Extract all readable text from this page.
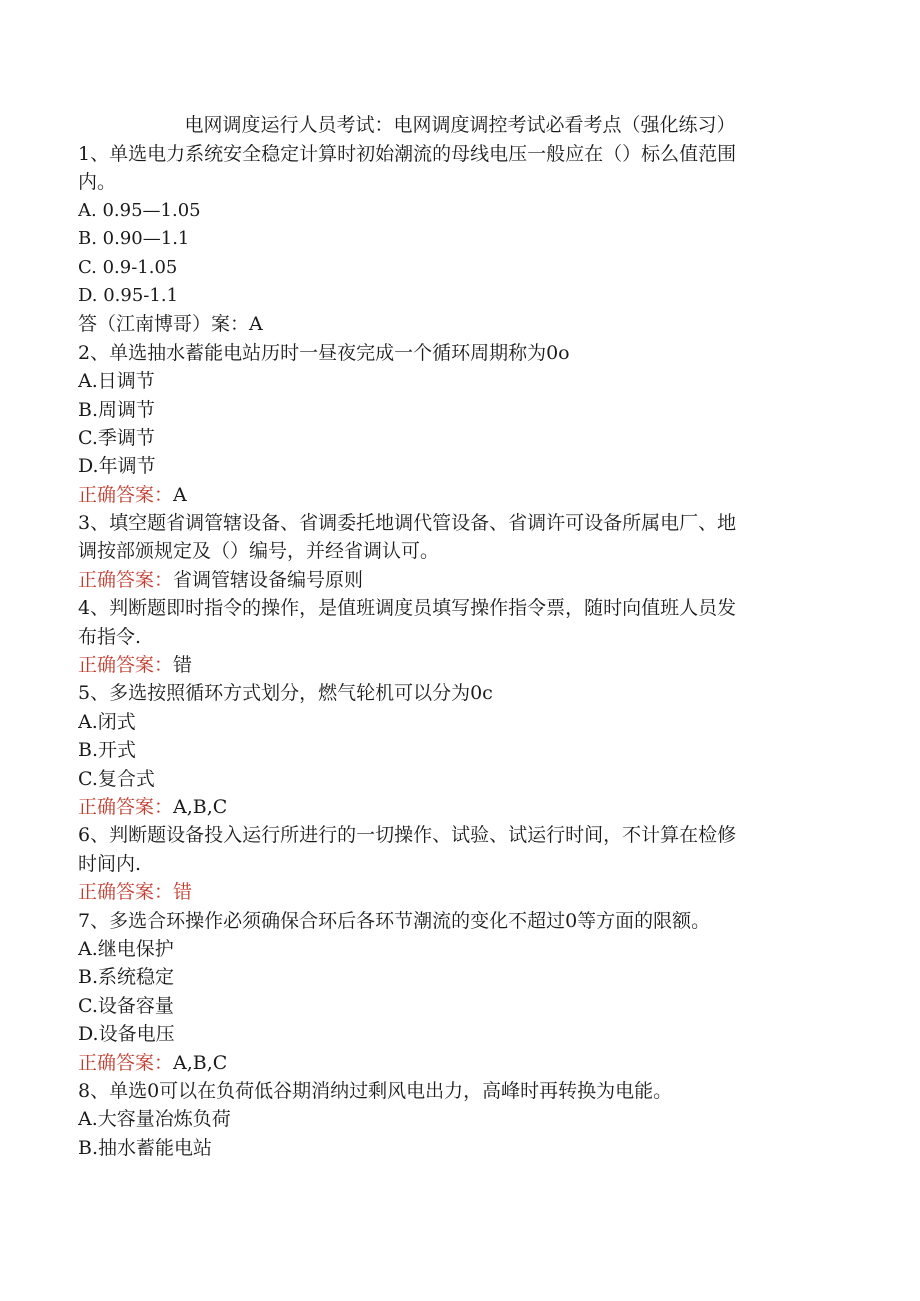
电网调度运行人员考试：电网调度调控考试必看考点（强化练习）
1、单选电力系统安全稳定计算时初始潮流的母线电压一般应在（）标么值范围
内。
A. 0.95—1.05
B. 0.90—1.1
C. 0.9-1.05
D. 0.95-1.1
答（江南博哥）案：A
2、单选抽水蓄能电站历时一昼夜完成一个循环周期称为0o
A.日调节
B.周调节
C.季调节
D.年调节
正确答案：A
3、填空题省调管辖设备、省调委托地调代管设备、省调许可设备所属电厂、地
调按部颁规定及（）编号，并经省调认可。
正确答案：省调管辖设备编号原则
4、判断题即时指令的操作，是值班调度员填写操作指令票，随时向值班人员发
布指令.
正确答案：错
5、多选按照循环方式划分，燃气轮机可以分为0c
A.闭式
B.开式
C.复合式
正确答案：A,B,C
6、判断题设备投入运行所进行的一切操作、试验、试运行时间，不计算在检修
时间内.
正确答案：错
7、多选合环操作必须确保合环后各环节潮流的变化不超过0等方面的限额。
A.继电保护
B.系统稳定
C.设备容量
D.设备电压
正确答案：A,B,C
8、单选0可以在负荷低谷期消纳过剩风电出力，高峰时再转换为电能。
A.大容量冶炼负荷
B.抽水蓄能电站
